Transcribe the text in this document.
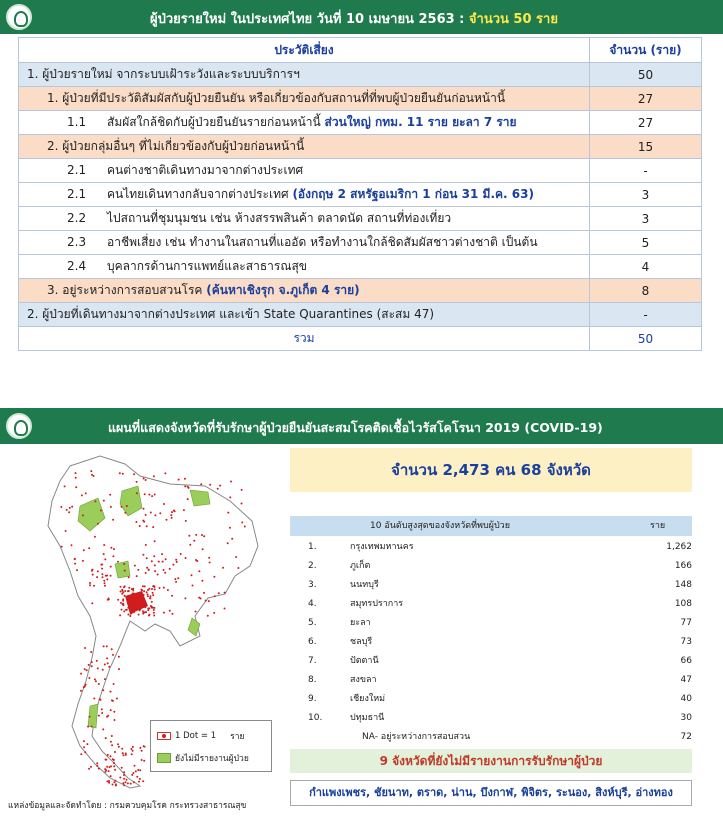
ผู้ป่วยรายใหม่ ในประเทศไทย วันที่ 10 เมษายน 2563 : จำนวน 50 ราย
ประวัติเสี่ยง	จำนวน (ราย)
1. ผู้ป่วยรายใหม่ จากระบบเฝ้าระวังและระบบบริการฯ	50
1. ผู้ป่วยที่มีประวัติสัมผัสกับผู้ป่วยยืนยัน หรือเกี่ยวข้องกับสถานที่ที่พบผู้ป่วยยืนยันก่อนหน้านี้	27
1.1 สัมผัสใกล้ชิดกับผู้ป่วยยืนยันรายก่อนหน้านี้ ส่วนใหญ่ กทม. 11 ราย ยะลา 7 ราย	27
2. ผู้ป่วยกลุ่มอื่นๆ ที่ไม่เกี่ยวข้องกับผู้ป่วยก่อนหน้านี้	15
2.1 คนต่างชาติเดินทางมาจากต่างประเทศ	-
2.1 คนไทยเดินทางกลับจากต่างประเทศ (อังกฤษ 2 สหรัฐอเมริกา 1 ก่อน 31 มี.ค. 63)	3
2.2 ไปสถานที่ชุมนุมชน เช่น ห้างสรรพสินค้า ตลาดนัด สถานที่ท่องเที่ยว	3
2.3 อาชีพเสี่ยง เช่น ทำงานในสถานที่แออัด หรือทำงานใกล้ชิดสัมผัสชาวต่างชาติ เป็นต้น	5
2.4 บุคลากรด้านการแพทย์และสาธารณสุข	4
3. อยู่ระหว่างการสอบสวนโรค (ค้นหาเชิงรุก จ.ภูเก็ต 4 ราย)	8
2. ผู้ป่วยที่เดินทางมาจากต่างประเทศ และเข้า State Quarantines (สะสม 47)	-
รวม	50
แผนที่แสดงจังหวัดที่รับรักษาผู้ป่วยยืนยันสะสมโรคติดเชื้อไวรัสโคโรนา 2019 (COVID-19)
1 Dot = 1 ราย
ยังไม่มีรายงานผู้ป่วย
แหล่งข้อมูลและจัดทำโดย : กรมควบคุมโรค กระทรวงสาธารณสุข
จำนวน 2,473 คน 68 จังหวัด
10 อันดับสูงสุดของจังหวัดที่พบผู้ป่วย	ราย
1.	กรุงเทพมหานคร	1,262
2.	ภูเก็ต	166
3.	นนทบุรี	148
4.	สมุทรปราการ	108
5.	ยะลา	77
6.	ชลบุรี	73
7.	ปัตตานี	66
8.	สงขลา	47
9.	เชียงใหม่	40
10.	ปทุมธานี	30
NA- อยู่ระหว่างการสอบสวน	72
9 จังหวัดที่ยังไม่มีรายงานการรับรักษาผู้ป่วย
กำแพงเพชร, ชัยนาท, ตราด, น่าน, บึงกาฬ, พิจิตร, ระนอง, สิงห์บุรี, อ่างทอง
